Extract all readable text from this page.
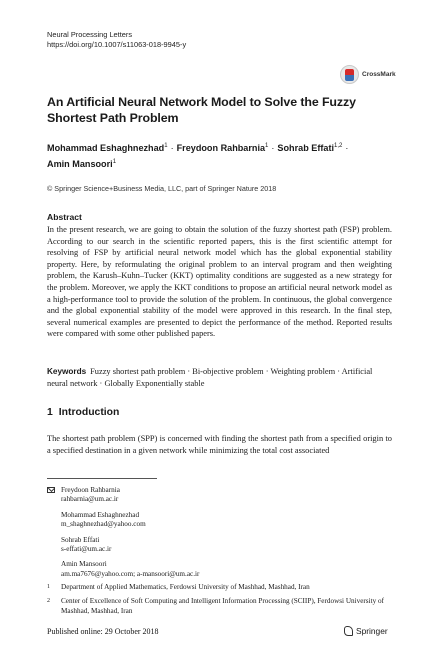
Neural Processing Letters
https://doi.org/10.1007/s11063-018-9945-y
CrossMark
An Artificial Neural Network Model to Solve the Fuzzy Shortest Path Problem
Mohammad Eshaghnezhad$^1$ · Freydoon Rahbarnia$^1$ · Sohrab Effati$^{1,2}$ ·
Amin Mansoori$^1$
© Springer Science+Business Media, LLC, part of Springer Nature 2018
Abstract
In the present research, we are going to obtain the solution of the fuzzy shortest path (FSP) problem. According to our search in the scientific reported papers, this is the first scientific attempt for resolving of FSP by artificial neural network model which has the global exponential stability property. Here, by reformulating the original problem to an interval program and then weighting problem, the Karush–Kuhn–Tucker (KKT) optimality conditions are suggested as a new strategy for the problem. Moreover, we apply the KKT conditions to propose an artificial neural network model as a high-performance tool to provide the solution of the problem. In continuous, the global convergence and the global exponential stability of the model were approved in this research. In the final step, several numerical examples are presented to depict the performance of the method. Reported results were compared with some other published papers.
Keywords Fuzzy shortest path problem · Bi-objective problem · Weighting problem · Artificial neural network · Globally Exponentially stable
1 Introduction
The shortest path problem (SPP) is concerned with finding the shortest path from a specified origin to a specified destination in a given network while minimizing the total cost associated
Freydoon Rahbarnia
rahbarnia@um.ac.ir
Mohammad Eshaghnezhad
m_shaghnezhad@yahoo.com
Sohrab Effati
s-effati@um.ac.ir
Amin Mansoori
am.ma7676@yahoo.com; a-mansoori@um.ac.ir
1	Department of Applied Mathematics, Ferdowsi University of Mashhad, Mashhad, Iran
2	Center of Excellence of Soft Computing and Intelligent Information Processing (SCIIP), Ferdowsi University of Mashhad, Mashhad, Iran
Published online: 29 October 2018	Springer
